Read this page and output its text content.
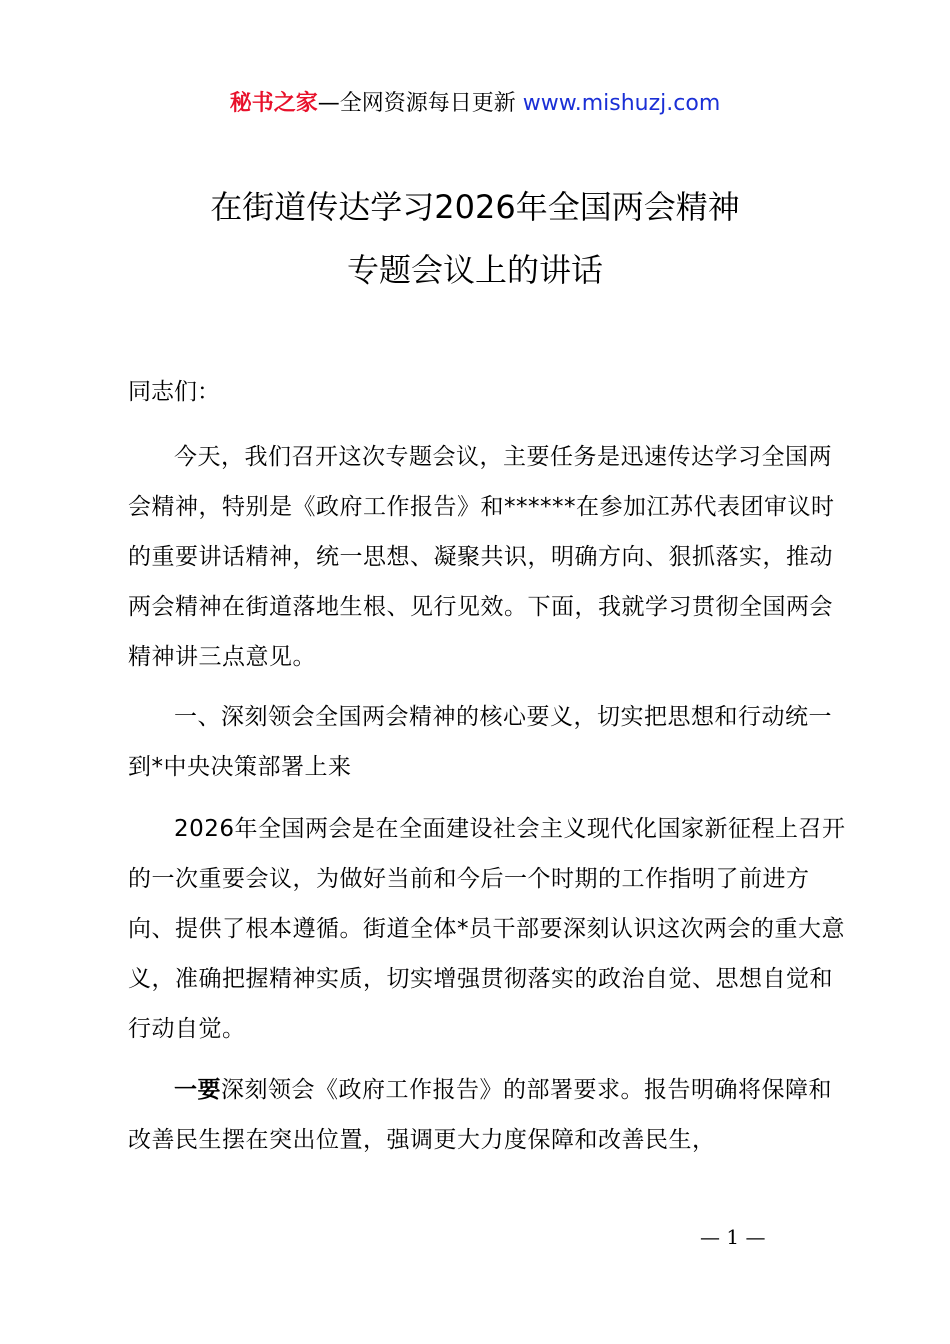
秘书之家—全网资源每日更新 www.mishuzj.com
在街道传达学习2026年全国两会精神
专题会议上的讲话
同志们：
今天，我们召开这次专题会议，主要任务是迅速传达学习全国两会精神，特别是《政府工作报告》和******在参加江苏代表团审议时的重要讲话精神，统一思想、凝聚共识，明确方向、狠抓落实，推动两会精神在街道落地生根、见行见效。下面，我就学习贯彻全国两会精神讲三点意见。
一、深刻领会全国两会精神的核心要义，切实把思想和行动统一到*中央决策部署上来
2026年全国两会是在全面建设社会主义现代化国家新征程上召开的一次重要会议，为做好当前和今后一个时期的工作指明了前进方向、提供了根本遵循。街道全体*员干部要深刻认识这次两会的重大意义，准确把握精神实质，切实增强贯彻落实的政治自觉、思想自觉和行动自觉。
一要深刻领会《政府工作报告》的部署要求。报告明确将保障和改善民生摆在突出位置，强调更大力度保障和改善民生，
— 1 —
